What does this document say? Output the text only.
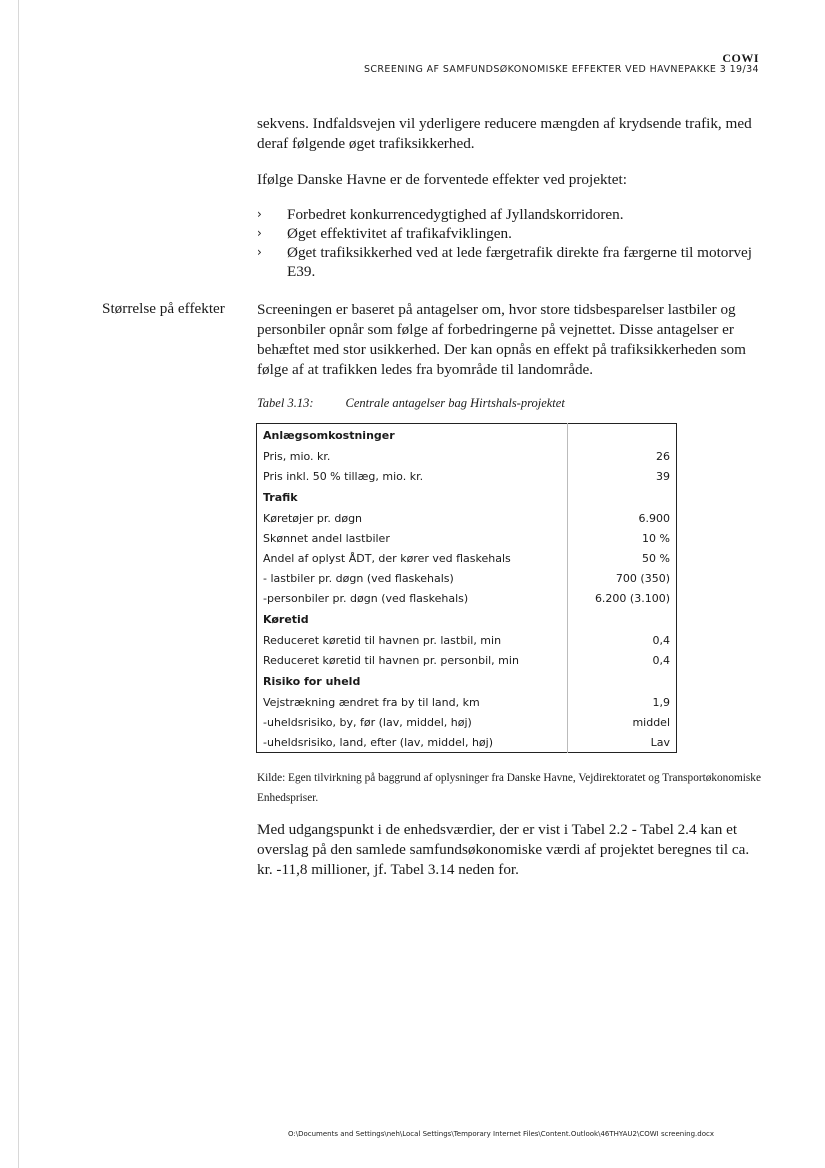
COWI
SCREENING AF SAMFUNDSØKONOMISKE EFFEKTER VED HAVNEPAKKE 3 19/34

sekvens. Indfaldsvejen vil yderligere reducere mængden af krydsende trafik, med deraf følgende øget trafiksikkerhed.

Ifølge Danske Havne er de forventede effekter ved projektet:

› Forbedret konkurrencedygtighed af Jyllandskorridoren.
› Øget effektivitet af trafikafviklingen.
› Øget trafiksikkerhed ved at lede færgetrafik direkte fra færgerne til motorvej E39.
Størrelse på effekter Screeningen er baseret på antagelser om, hvor store tidsbesparelser lastbiler og personbiler opnår som følge af forbedringerne på vejnettet. Disse antagelser er behæftet med stor usikkerhed. Der kan opnås en effekt på trafiksikkerheden som følge af at trafikken ledes fra byområde til landområde.

Tabel 3.13:	Centrale antagelser bag Hirtshals-projektet
Anlægsomkostninger	
Pris, mio. kr.	26
Pris inkl. 50 % tillæg, mio. kr.	39
Trafik	
Køretøjer pr. døgn	6.900
Skønnet andel lastbiler	10 %
Andel af oplyst ÅDT, der kører ved flaskehals	50 %
- lastbiler pr. døgn (ved flaskehals)	700 (350)
-personbiler pr. døgn (ved flaskehals)	6.200 (3.100)
Køretid	
Reduceret køretid til havnen pr. lastbil, min	0,4
Reduceret køretid til havnen pr. personbil, min	0,4
Risiko for uheld	
Vejstrækning ændret fra by til land, km	1,9
-uheldsrisiko, by, før (lav, middel, høj)	middel
-uheldsrisiko, land, efter (lav, middel, høj)	Lav
Kilde: Egen tilvirkning på baggrund af oplysninger fra Danske Havne, Vejdirektoratet og Transportøkonomiske Enhedspriser.

Med udgangspunkt i de enhedsværdier, der er vist i Tabel 2.2 - Tabel 2.4 kan et overslag på den samlede samfundsøkonomiske værdi af projektet beregnes til ca. kr. -11,8 millioner, jf. Tabel 3.14 neden for.

O:\Documents and Settings\neh\Local Settings\Temporary Internet Files\Content.Outlook\46THYAU2\COWI screening.docx
